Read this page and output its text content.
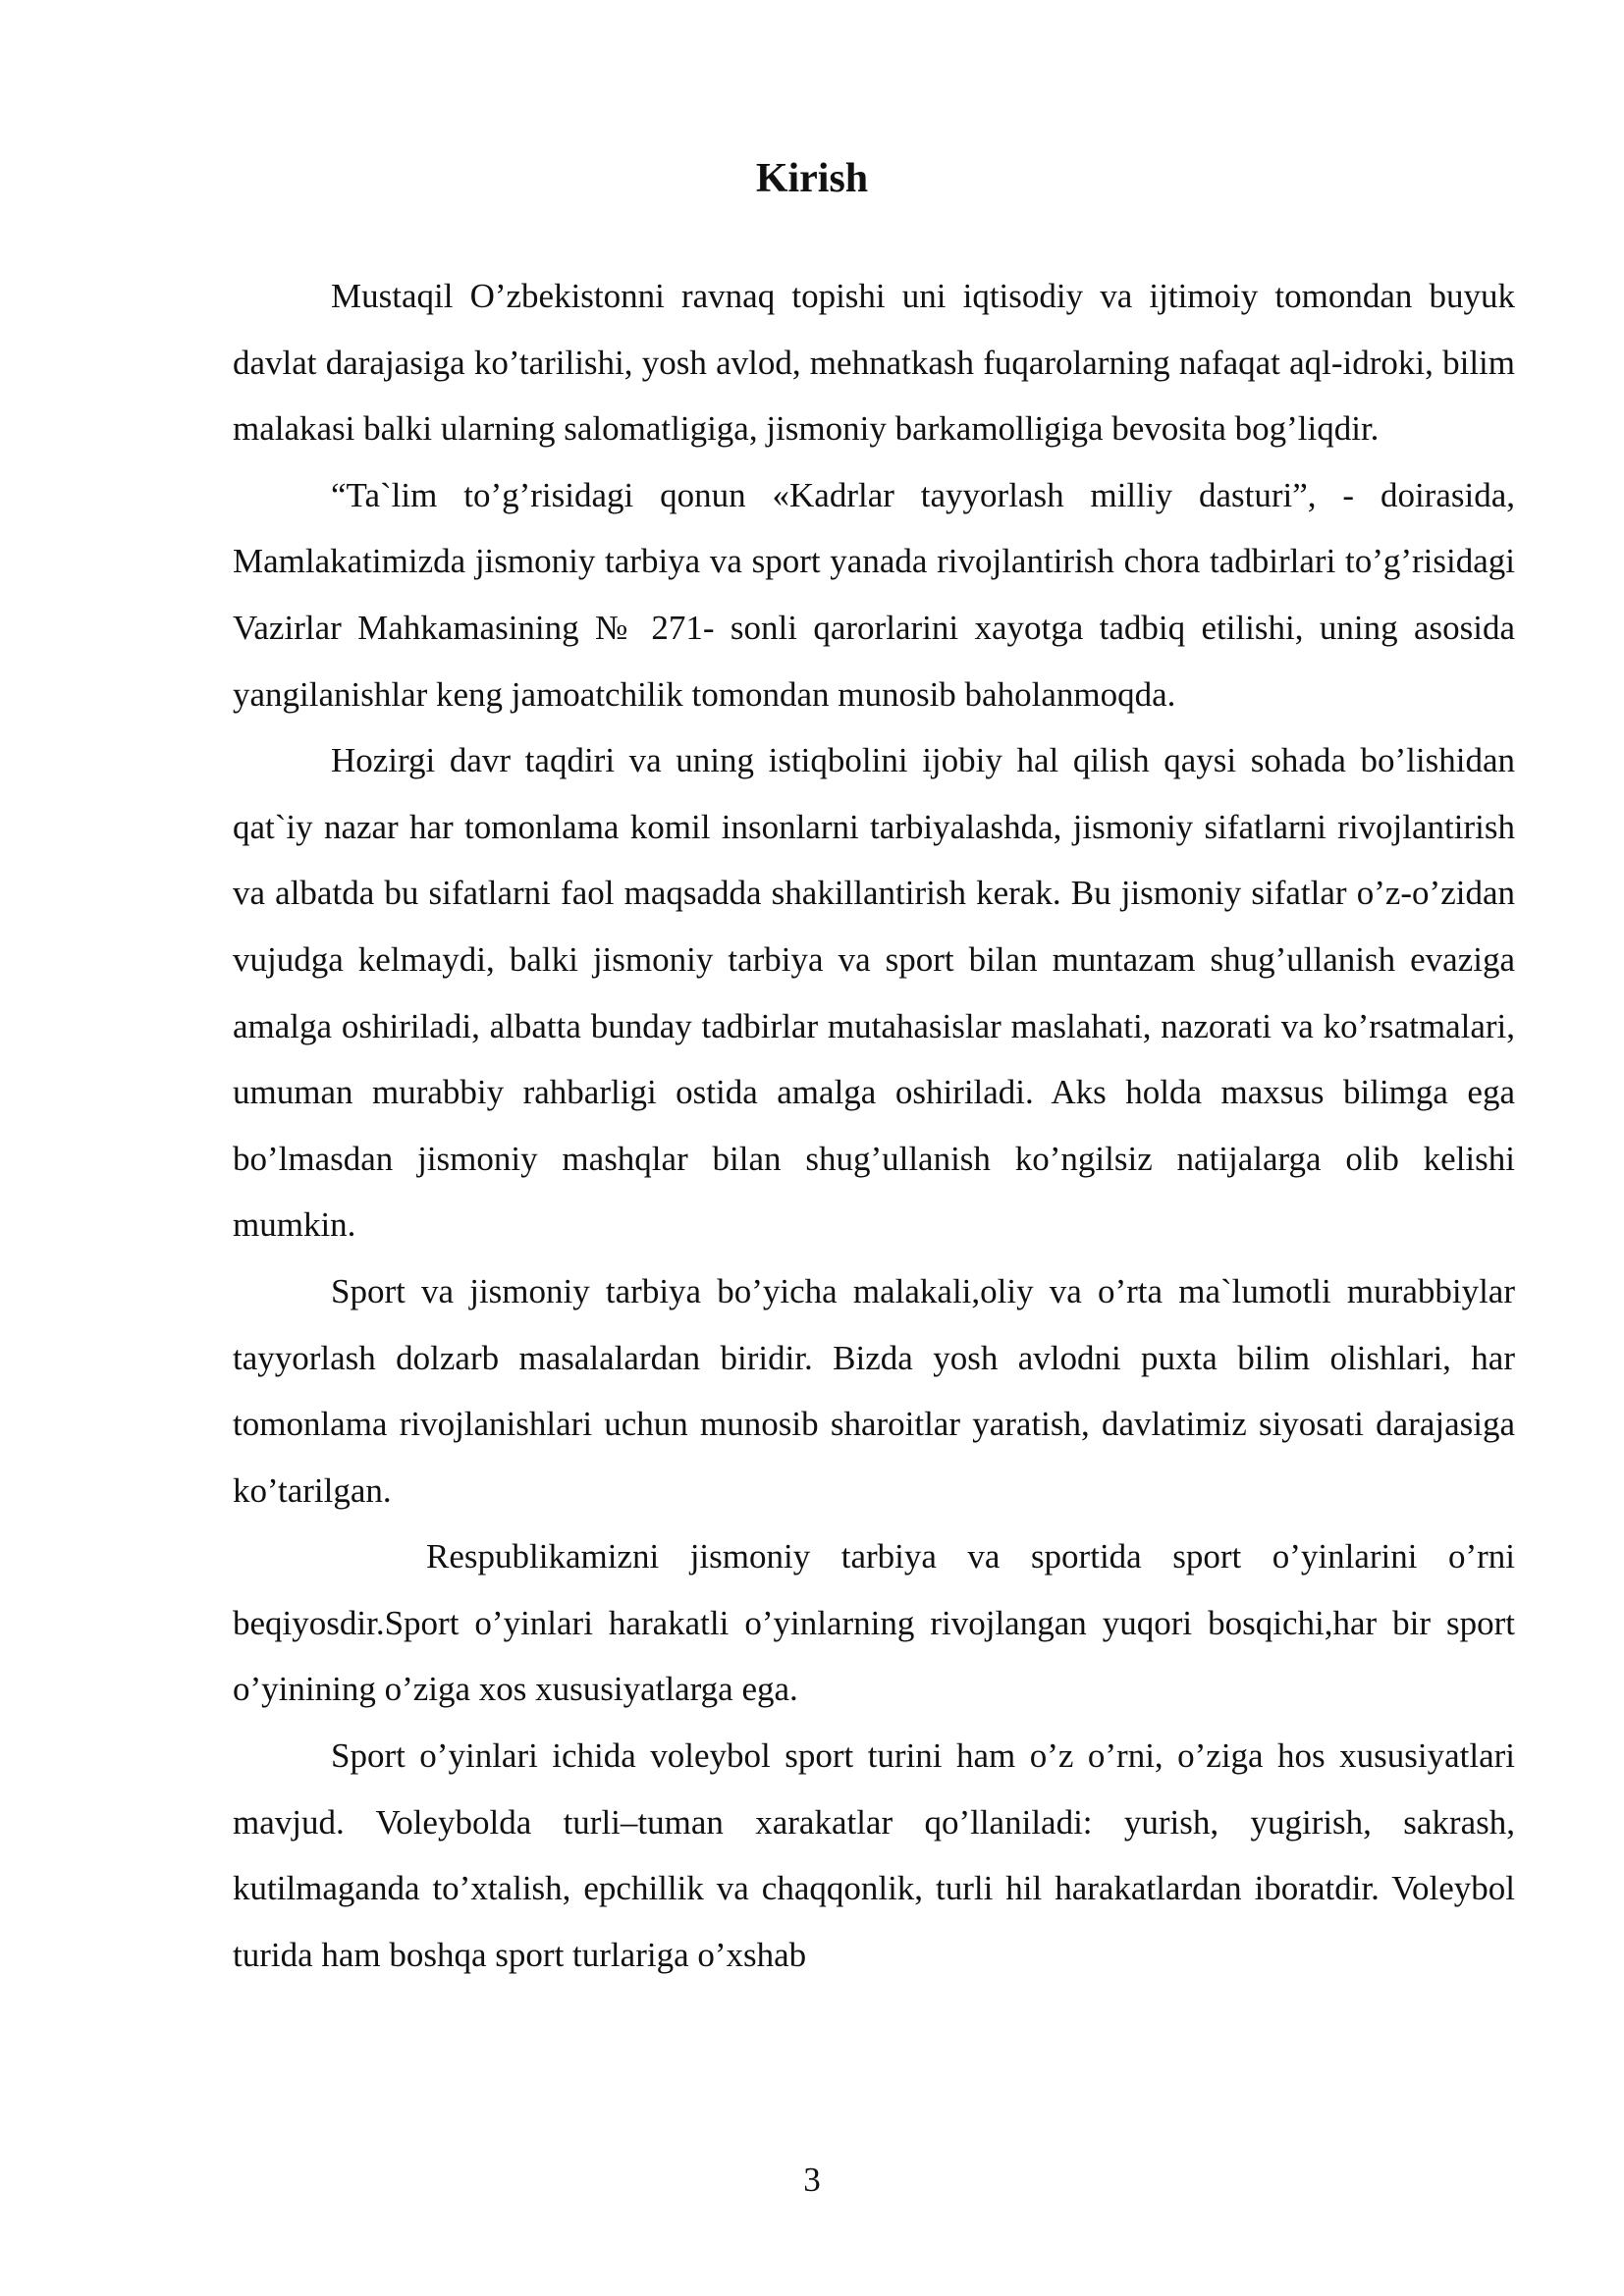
Kirish

Mustaqil O’zbekistonni ravnaq topishi uni iqtisodiy va ijtimoiy tomondan buyuk davlat darajasiga ko’tarilishi, yosh avlod, mehnatkash fuqarolarning nafaqat aql-idroki, bilim malakasi balki ularning salomatligiga, jismoniy barkamolligiga bevosita bog’liqdir.

“Ta`lim to’g’risidagi qonun «Kadrlar tayyorlash milliy dasturi”, - doirasida, Mamlakatimizda jismoniy tarbiya va sport yanada rivojlantirish chora tadbirlari to’g’risidagi Vazirlar Mahkamasining № 271- sonli qarorlarini xayotga tadbiq etilishi, uning asosida yangilanishlar keng jamoatchilik tomondan munosib baholanmoqda.

Hozirgi davr taqdiri va uning istiqbolini ijobiy hal qilish qaysi sohada bo’lishidan qat`iy nazar har tomonlama komil insonlarni tarbiyalashda, jismoniy sifatlarni rivojlantirish va albatda bu sifatlarni faol maqsadda shakillantirish kerak. Bu jismoniy sifatlar o’z-o’zidan vujudga kelmaydi, balki jismoniy tarbiya va sport bilan muntazam shug’ullanish evaziga amalga oshiriladi, albatta bunday tadbirlar mutahasislar maslahati, nazorati va ko’rsatmalari, umuman murabbiy rahbarligi ostida amalga oshiriladi. Aks holda maxsus bilimga ega bo’lmasdan jismoniy mashqlar bilan shug’ullanish ko’ngilsiz natijalarga olib kelishi mumkin.

Sport va jismoniy tarbiya bo’yicha malakali,oliy va o’rta ma`lumotli murabbiylar tayyorlash dolzarb masalalardan biridir. Bizda yosh avlodni puxta bilim olishlari, har tomonlama rivojlanishlari uchun munosib sharoitlar yaratish, davlatimiz siyosati darajasiga ko’tarilgan.

Respublikamizni jismoniy tarbiya va sportida sport o’yinlarini o’rni beqiyosdir.Sport o’yinlari harakatli o’yinlarning rivojlangan yuqori bosqichi,har bir sport o’yinining o’ziga xos xususiyatlarga ega.

Sport o’yinlari ichida voleybol sport turini ham o’z o’rni, o’ziga hos xususiyatlari mavjud. Voleybolda turli–tuman xarakatlar qo’llaniladi: yurish, yugirish, sakrash, kutilmaganda to’xtalish, epchillik va chaqqonlik, turli hil harakatlardan iboratdir. Voleybol turida ham boshqa sport turlariga o’xshab

3
